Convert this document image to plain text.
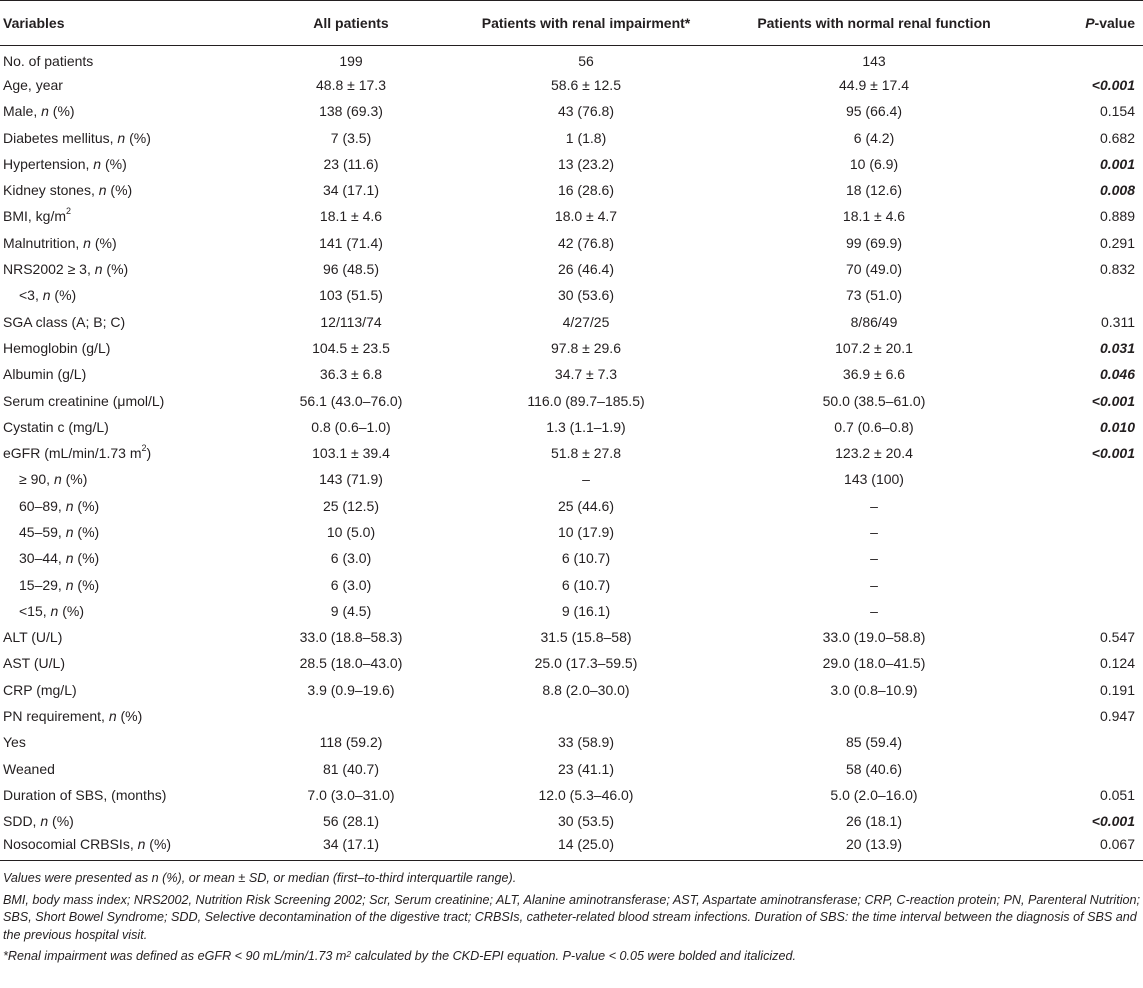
Variables	All patients	Patients with renal impairment*	Patients with normal renal function	P-value
No. of patients	199	56	143	
Age, year	48.8 ± 17.3	58.6 ± 12.5	44.9 ± 17.4	<0.001
Male, n (%)	138 (69.3)	43 (76.8)	95 (66.4)	0.154
Diabetes mellitus, n (%)	7 (3.5)	1 (1.8)	6 (4.2)	0.682
Hypertension, n (%)	23 (11.6)	13 (23.2)	10 (6.9)	0.001
Kidney stones, n (%)	34 (17.1)	16 (28.6)	18 (12.6)	0.008
BMI, $kg/m^2$	18.1 ± 4.6	18.0 ± 4.7	18.1 ± 4.6	0.889
Malnutrition, n (%)	141 (71.4)	42 (76.8)	99 (69.9)	0.291
NRS2002 ≥ 3, n (%)	96 (48.5)	26 (46.4)	70 (49.0)	0.832
<3, n (%)	103 (51.5)	30 (53.6)	73 (51.0)	
SGA class (A; B; C)	12/113/74	4/27/25	8/86/49	0.311
Hemoglobin (g/L)	104.5 ± 23.5	97.8 ± 29.6	107.2 ± 20.1	0.031
Albumin (g/L)	36.3 ± 6.8	34.7 ± 7.3	36.9 ± 6.6	0.046
Serum creatinine (μmol/L)	56.1 (43.0–76.0)	116.0 (89.7–185.5)	50.0 (38.5–61.0)	<0.001
Cystatin c (mg/L)	0.8 (0.6–1.0)	1.3 (1.1–1.9)	0.7 (0.6–0.8)	0.010
eGFR (mL/min/1.73 $m^2$)	103.1 ± 39.4	51.8 ± 27.8	123.2 ± 20.4	<0.001
≥ 90, n (%)	143 (71.9)	–	143 (100)	
60–89, n (%)	25 (12.5)	25 (44.6)	–	
45–59, n (%)	10 (5.0)	10 (17.9)	–	
30–44, n (%)	6 (3.0)	6 (10.7)	–	
15–29, n (%)	6 (3.0)	6 (10.7)	–	
<15, n (%)	9 (4.5)	9 (16.1)	–	
ALT (U/L)	33.0 (18.8–58.3)	31.5 (15.8–58)	33.0 (19.0–58.8)	0.547
AST (U/L)	28.5 (18.0–43.0)	25.0 (17.3–59.5)	29.0 (18.0–41.5)	0.124
CRP (mg/L)	3.9 (0.9–19.6)	8.8 (2.0–30.0)	3.0 (0.8–10.9)	0.191
PN requirement, n (%)				0.947
Yes	118 (59.2)	33 (58.9)	85 (59.4)	
Weaned	81 (40.7)	23 (41.1)	58 (40.6)	
Duration of SBS, (months)	7.0 (3.0–31.0)	12.0 (5.3–46.0)	5.0 (2.0–16.0)	0.051
SDD, n (%)	56 (28.1)	30 (53.5)	26 (18.1)	<0.001
Nosocomial CRBSIs, n (%)	34 (17.1)	14 (25.0)	20 (13.9)	0.067

Values were presented as n (%), or mean ± SD, or median (first–to-third interquartile range).

BMI, body mass index; NRS2002, Nutrition Risk Screening 2002; Scr, Serum creatinine; ALT, Alanine aminotransferase; AST, Aspartate aminotransferase; CRP, C-reaction protein; PN, Parenteral Nutrition; SBS, Short Bowel Syndrome; SDD, Selective decontamination of the digestive tract; CRBSIs, catheter-related blood stream infections. Duration of SBS: the time interval between the diagnosis of SBS and the previous hospital visit.

*Renal impairment was defined as eGFR < 90 mL/min/1.73 $m^2$ calculated by the CKD-EPI equation. P-value < 0.05 were bolded and italicized.
